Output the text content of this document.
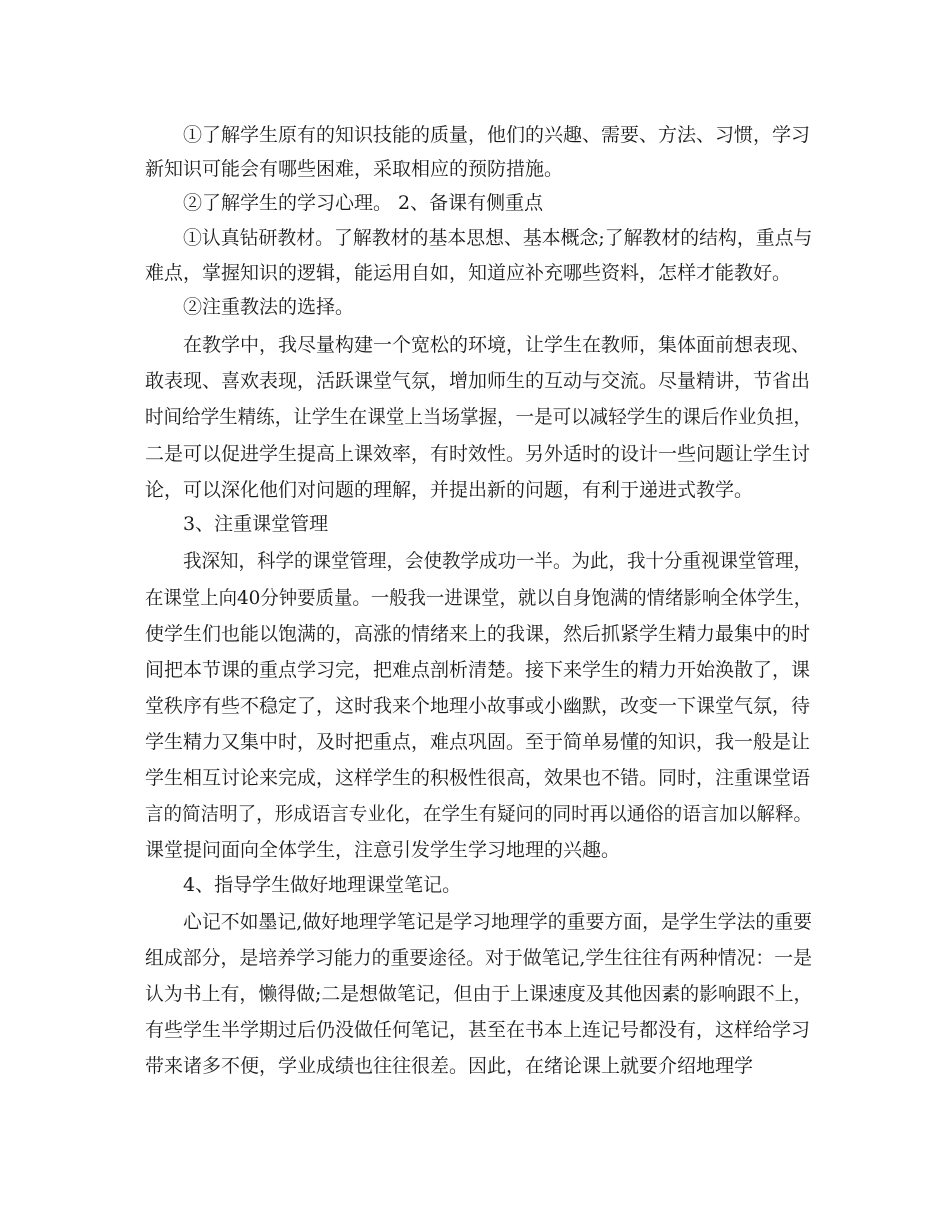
①了解学生原有的知识技能的质量，他们的兴趣、需要、方法、习惯，学习
新知识可能会有哪些困难，采取相应的预防措施。
②了解学生的学习心理。 2、备课有侧重点
①认真钻研教材。了解教材的基本思想、基本概念;了解教材的结构，重点与
难点，掌握知识的逻辑，能运用自如，知道应补充哪些资料，怎样才能教好。
②注重教法的选择。
在教学中，我尽量构建一个宽松的环境，让学生在教师，集体面前想表现、
敢表现、喜欢表现，活跃课堂气氛，增加师生的互动与交流。尽量精讲，节省出
时间给学生精练，让学生在课堂上当场掌握，一是可以减轻学生的课后作业负担，
二是可以促进学生提高上课效率，有时效性。另外适时的设计一些问题让学生讨
论，可以深化他们对问题的理解，并提出新的问题，有利于递进式教学。
3、注重课堂管理
我深知，科学的课堂管理，会使教学成功一半。为此，我十分重视课堂管理，
在课堂上向40分钟要质量。一般我一进课堂，就以自身饱满的情绪影响全体学生，
使学生们也能以饱满的，高涨的情绪来上的我课，然后抓紧学生精力最集中的时
间把本节课的重点学习完，把难点剖析清楚。接下来学生的精力开始涣散了，课
堂秩序有些不稳定了，这时我来个地理小故事或小幽默，改变一下课堂气氛，待
学生精力又集中时，及时把重点，难点巩固。至于简单易懂的知识，我一般是让
学生相互讨论来完成，这样学生的积极性很高，效果也不错。同时，注重课堂语
言的简洁明了，形成语言专业化，在学生有疑问的同时再以通俗的语言加以解释。
课堂提问面向全体学生，注意引发学生学习地理的兴趣。
4、指导学生做好地理课堂笔记。
心记不如墨记,做好地理学笔记是学习地理学的重要方面，是学生学法的重要
组成部分，是培养学习能力的重要途径。对于做笔记,学生往往有两种情况：一是
认为书上有，懒得做;二是想做笔记，但由于上课速度及其他因素的影响跟不上，
有些学生半学期过后仍没做任何笔记，甚至在书本上连记号都没有，这样给学习
带来诸多不便，学业成绩也往往很差。因此，在绪论课上就要介绍地理学
